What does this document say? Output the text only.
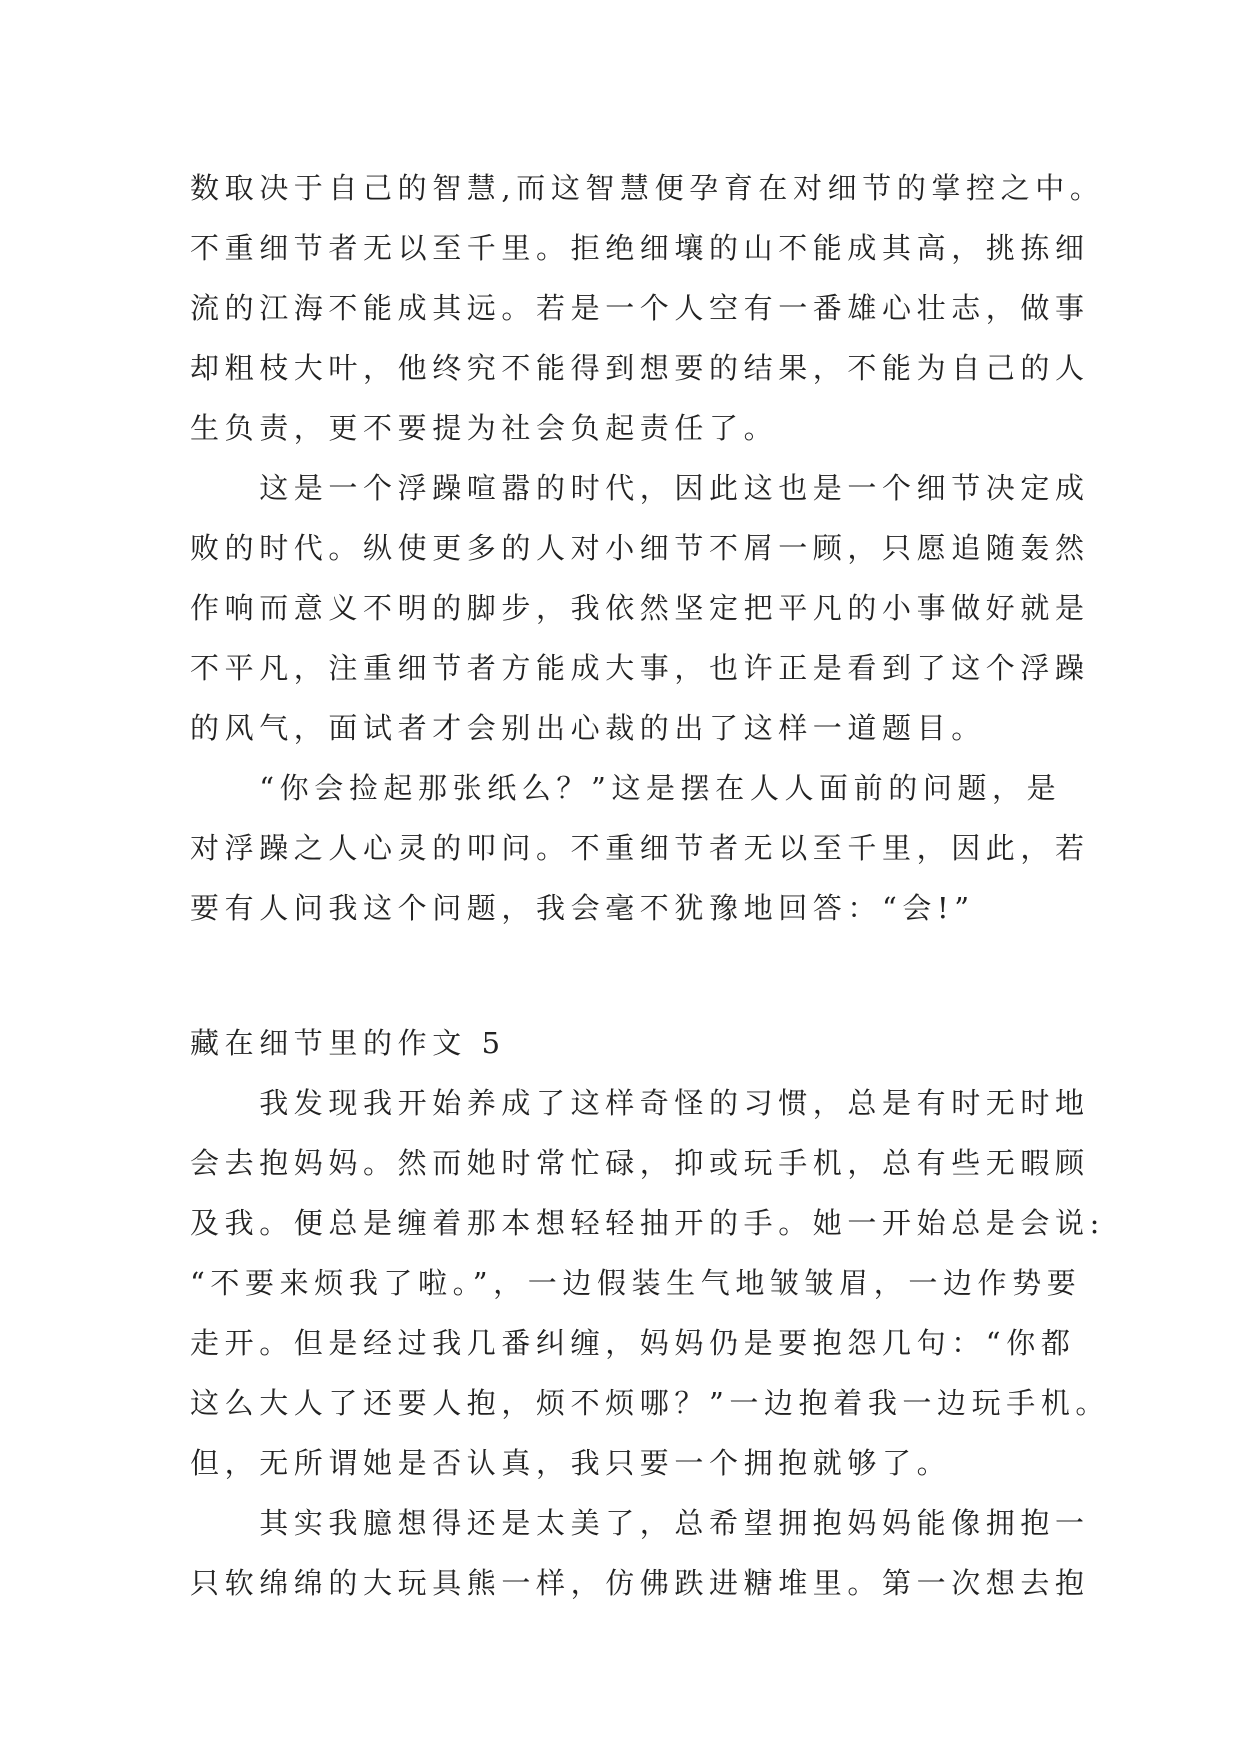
数取决于自己的智慧,而这智慧便孕育在对细节的掌控之中。
不重细节者无以至千里。拒绝细壤的山不能成其高，挑拣细
流的江海不能成其远。若是一个人空有一番雄心壮志，做事
却粗枝大叶，他终究不能得到想要的结果，不能为自己的人
生负责，更不要提为社会负起责任了。
　　这是一个浮躁喧嚣的时代，因此这也是一个细节决定成
败的时代。纵使更多的人对小细节不屑一顾，只愿追随轰然
作响而意义不明的脚步，我依然坚定把平凡的小事做好就是
不平凡，注重细节者方能成大事，也许正是看到了这个浮躁
的风气，面试者才会别出心裁的出了这样一道题目。
　　“你会捡起那张纸么？”这是摆在人人面前的问题，是
对浮躁之人心灵的叩问。不重细节者无以至千里，因此，若
要有人问我这个问题，我会毫不犹豫地回答：“会!”
藏在细节里的作文 5
　　我发现我开始养成了这样奇怪的习惯，总是有时无时地
会去抱妈妈。然而她时常忙碌，抑或玩手机，总有些无暇顾
及我。便总是缠着那本想轻轻抽开的手。她一开始总是会说:
“不要来烦我了啦。”，一边假装生气地皱皱眉，一边作势要
走开。但是经过我几番纠缠，妈妈仍是要抱怨几句：“你都
这么大人了还要人抱，烦不烦哪？”一边抱着我一边玩手机。
但，无所谓她是否认真，我只要一个拥抱就够了。
　　其实我臆想得还是太美了，总希望拥抱妈妈能像拥抱一
只软绵绵的大玩具熊一样，仿佛跌进糖堆里。第一次想去抱
